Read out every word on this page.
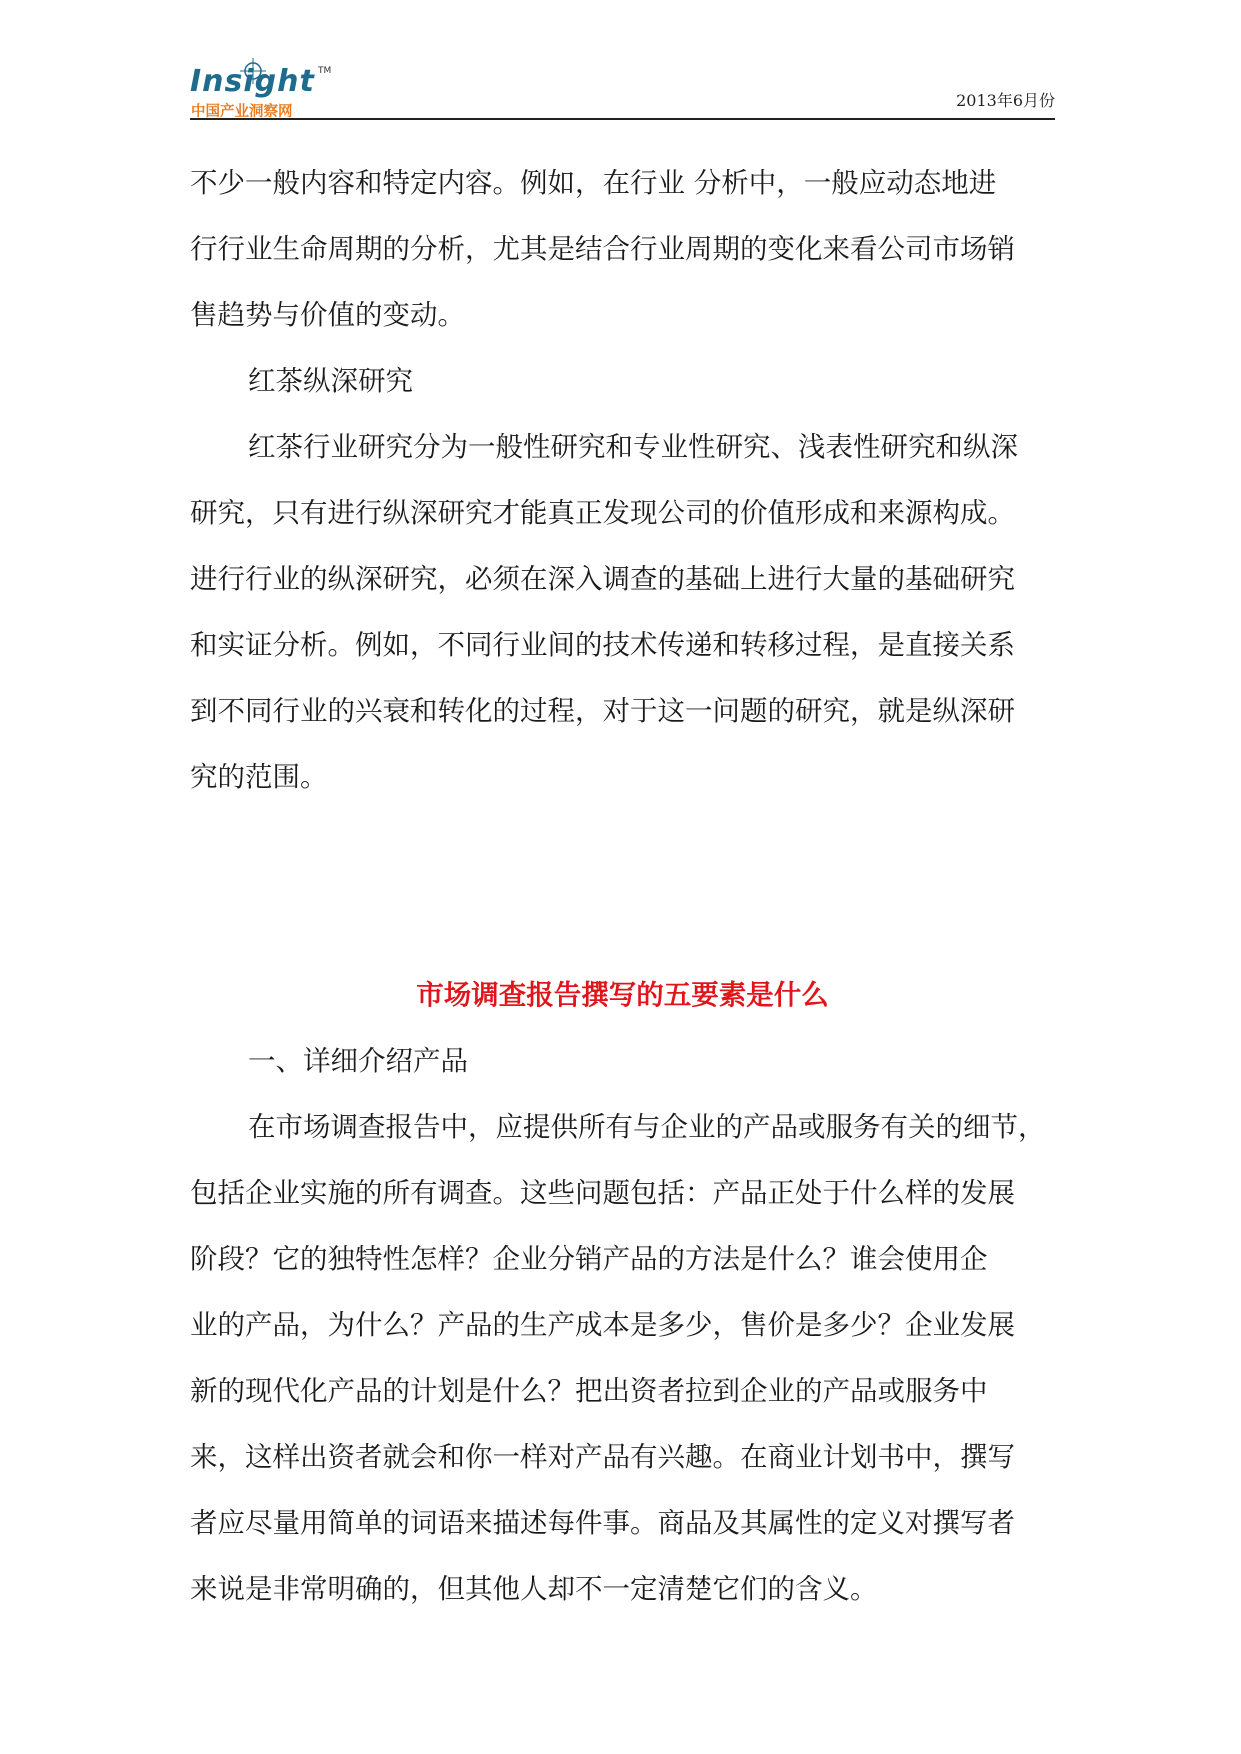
Insight TM
中国产业洞察网
2013年6月份

不少一般内容和特定内容。例如，在行业 分析中，一般应动态地进

行行业生命周期的分析，尤其是结合行业周期的变化来看公司市场销

售趋势与价值的变动。

红茶纵深研究

红茶行业研究分为一般性研究和专业性研究、浅表性研究和纵深

研究，只有进行纵深研究才能真正发现公司的价值形成和来源构成。

进行行业的纵深研究，必须在深入调查的基础上进行大量的基础研究

和实证分析。例如，不同行业间的技术传递和转移过程，是直接关系

到不同行业的兴衰和转化的过程，对于这一问题的研究，就是纵深研

究的范围。

市场调查报告撰写的五要素是什么

一、详细介绍产品

在市场调查报告中，应提供所有与企业的产品或服务有关的细节，

包括企业实施的所有调查。这些问题包括：产品正处于什么样的发展

阶段？它的独特性怎样？企业分销产品的方法是什么？谁会使用企

业的产品，为什么？产品的生产成本是多少，售价是多少？企业发展

新的现代化产品的计划是什么？把出资者拉到企业的产品或服务中

来，这样出资者就会和你一样对产品有兴趣。在商业计划书中，撰写

者应尽量用简单的词语来描述每件事。商品及其属性的定义对撰写者

来说是非常明确的，但其他人却不一定清楚它们的含义。
